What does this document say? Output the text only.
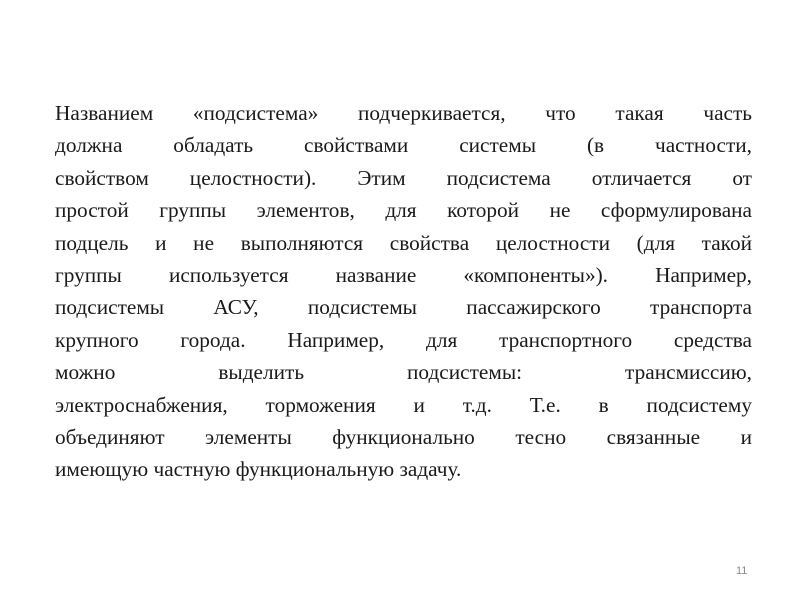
Названием «подсистема» подчеркивается, что такая часть
должна обладать свойствами системы (в частности,
свойством целостности). Этим подсистема отличается от
простой группы элементов, для которой не сформулирована
подцель и не выполняются свойства целостности (для такой
группы используется название «компоненты»). Например,
подсистемы АСУ, подсистемы пассажирского транспорта
крупного города. Например, для транспортного средства
можно выделить подсистемы: трансмиссию,
электроснабжения, торможения и т.д. Т.е. в подсистему
объединяют элементы функционально тесно связанные и
имеющую частную функциональную задачу.
11
